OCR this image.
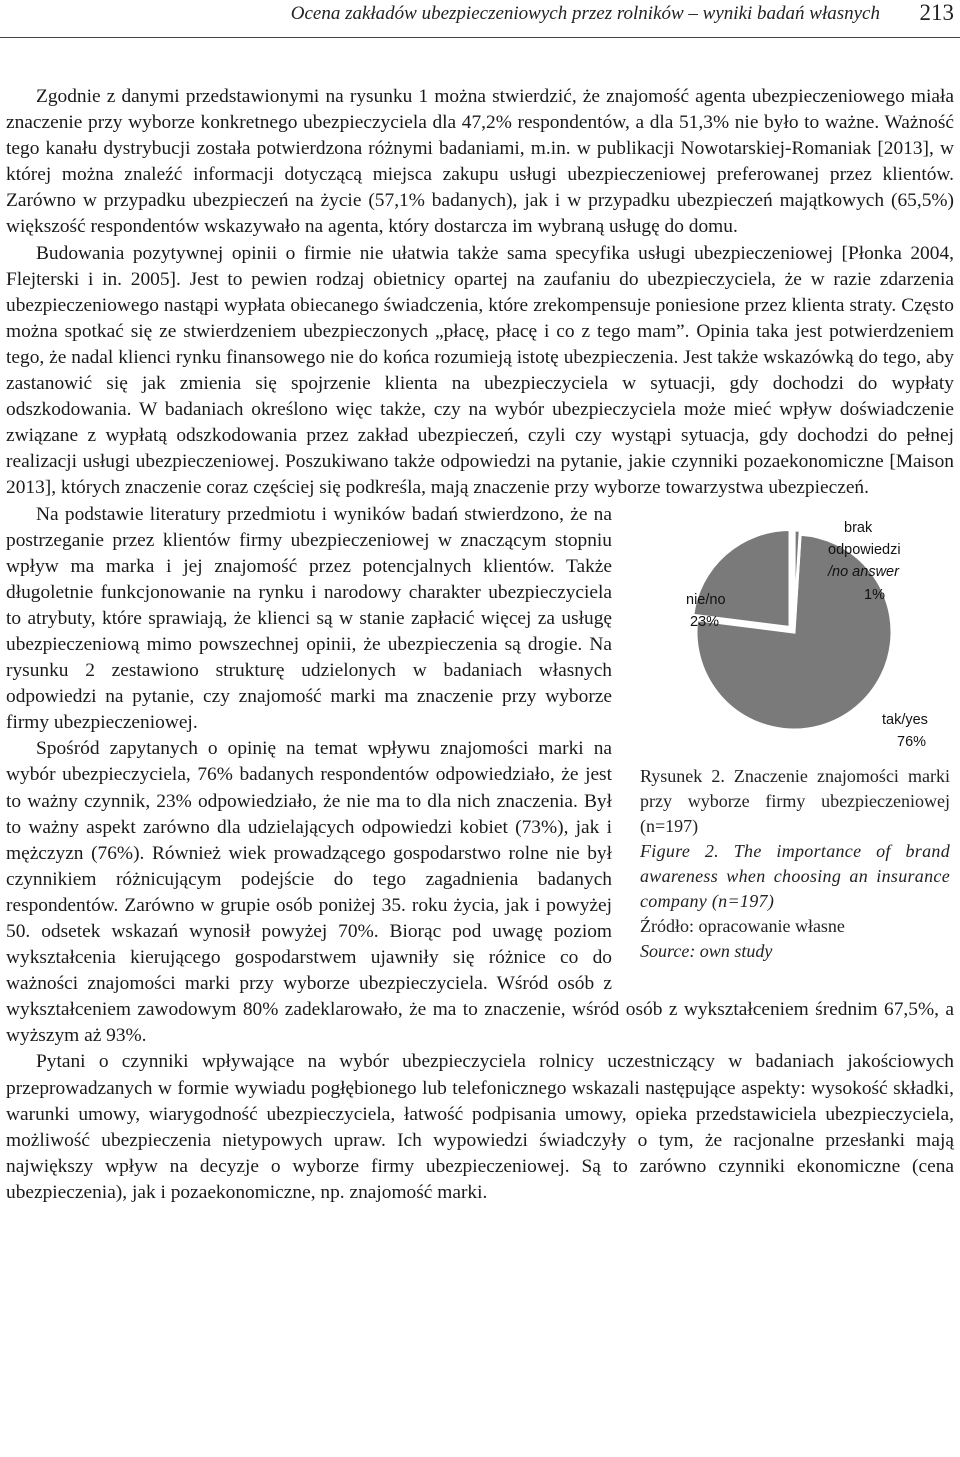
Ocena zakładów ubezpieczeniowych przez rolników – wyniki badań własnych 213

Zgodnie z danymi przedstawionymi na rysunku 1 można stwierdzić, że znajomość agenta ubezpieczeniowego miała znaczenie przy wyborze konkretnego ubezpieczyciela dla 47,2% respondentów, a dla 51,3% nie było to ważne. Ważność tego kanału dystrybucji została potwierdzona różnymi badaniami, m.in. w publikacji Nowotarskiej-Romaniak [2013], w której można znaleźć informacji dotyczącą miejsca zakupu usługi ubezpieczeniowej preferowanej przez klientów. Zarówno w przypadku ubezpieczeń na życie (57,1% badanych), jak i w przypadku ubezpieczeń majątkowych (65,5%) większość respondentów wskazywało na agenta, który dostarcza im wybraną usługę do domu.

Budowania pozytywnej opinii o firmie nie ułatwia także sama specyfika usługi ubezpieczeniowej [Płonka 2004, Flejterski i in. 2005]. Jest to pewien rodzaj obietnicy opartej na zaufaniu do ubezpieczyciela, że w razie zdarzenia ubezpieczeniowego nastąpi wypłata obiecanego świadczenia, które zrekompensuje poniesione przez klienta straty. Często można spotkać się ze stwierdzeniem ubezpieczonych „płacę, płacę i co z tego mam”. Opinia taka jest potwierdzeniem tego, że nadal klienci rynku finansowego nie do końca rozumieją istotę ubezpieczenia. Jest także wskazówką do tego, aby zastanowić się jak zmienia się spojrzenie klienta na ubezpieczyciela w sytuacji, gdy dochodzi do wypłaty odszkodowania. W badaniach określono więc także, czy na wybór ubezpieczyciela może mieć wpływ doświadczenie związane z wypłatą odszkodowania przez zakład ubezpieczeń, czyli czy wystąpi sytuacja, gdy dochodzi do pełnej realizacji usługi ubezpieczeniowej. Poszukiwano także odpowiedzi na pytanie, jakie czynniki pozaekonomiczne [Maison 2013], których znaczenie coraz częściej się podkreśla, mają znaczenie przy wyborze towarzystwa ubezpieczeń.

brak odpowiedzi /no answer 1%
nie/no 23%
tak/yes 76%
Rysunek 2. Znaczenie znajomości marki przy wyborze firmy ubezpieczeniowej (n=197)
Figure 2. The importance of brand awareness when choosing an insurance company (n=197)
Źródło: opracowanie własne
Source: own study

Na podstawie literatury przedmiotu i wyników badań stwierdzono, że na postrzeganie przez klientów firmy ubezpieczeniowej w znaczącym stopniu wpływ ma marka i jej znajomość przez potencjalnych klientów. Także długoletnie funkcjonowanie na rynku i narodowy charakter ubezpieczyciela to atrybuty, które sprawiają, że klienci są w stanie zapłacić więcej za usługę ubezpieczeniową mimo powszechnej opinii, że ubezpieczenia są drogie. Na rysunku 2 zestawiono strukturę udzielonych w badaniach własnych odpowiedzi na pytanie, czy znajomość marki ma znaczenie przy wyborze firmy ubezpieczeniowej.

Spośród zapytanych o opinię na temat wpływu znajomości marki na wybór ubezpieczyciela, 76% badanych respondentów odpowiedziało, że jest to ważny czynnik, 23% odpowiedziało, że nie ma to dla nich znaczenia. Był to ważny aspekt zarówno dla udzielających odpowiedzi kobiet (73%), jak i mężczyzn (76%). Również wiek prowadzącego gospodarstwo rolne nie był czynnikiem różnicującym podejście do tego zagadnienia badanych respondentów. Zarówno w grupie osób poniżej 35. roku życia, jak i powyżej 50. odsetek wskazań wynosił powyżej 70%. Biorąc pod uwagę poziom wykształcenia kierującego gospodarstwem ujawniły się różnice co do ważności znajomości marki przy wyborze ubezpieczyciela. Wśród osób z wykształceniem zawodowym 80% zadeklarowało, że ma to znaczenie, wśród osób z wykształceniem średnim 67,5%, a wyższym aż 93%.

Pytani o czynniki wpływające na wybór ubezpieczyciela rolnicy uczestniczący w badaniach jakościowych przeprowadzanych w formie wywiadu pogłębionego lub telefonicznego wskazali następujące aspekty: wysokość składki, warunki umowy, wiarygodność ubezpieczyciela, łatwość podpisania umowy, opieka przedstawiciela ubezpieczyciela, możliwość ubezpieczenia nietypowych upraw. Ich wypowiedzi świadczyły o tym, że racjonalne przesłanki mają największy wpływ na decyzje o wyborze firmy ubezpieczeniowej. Są to zarówno czynniki ekonomiczne (cena ubezpieczenia), jak i pozaekonomiczne, np. znajomość marki.
